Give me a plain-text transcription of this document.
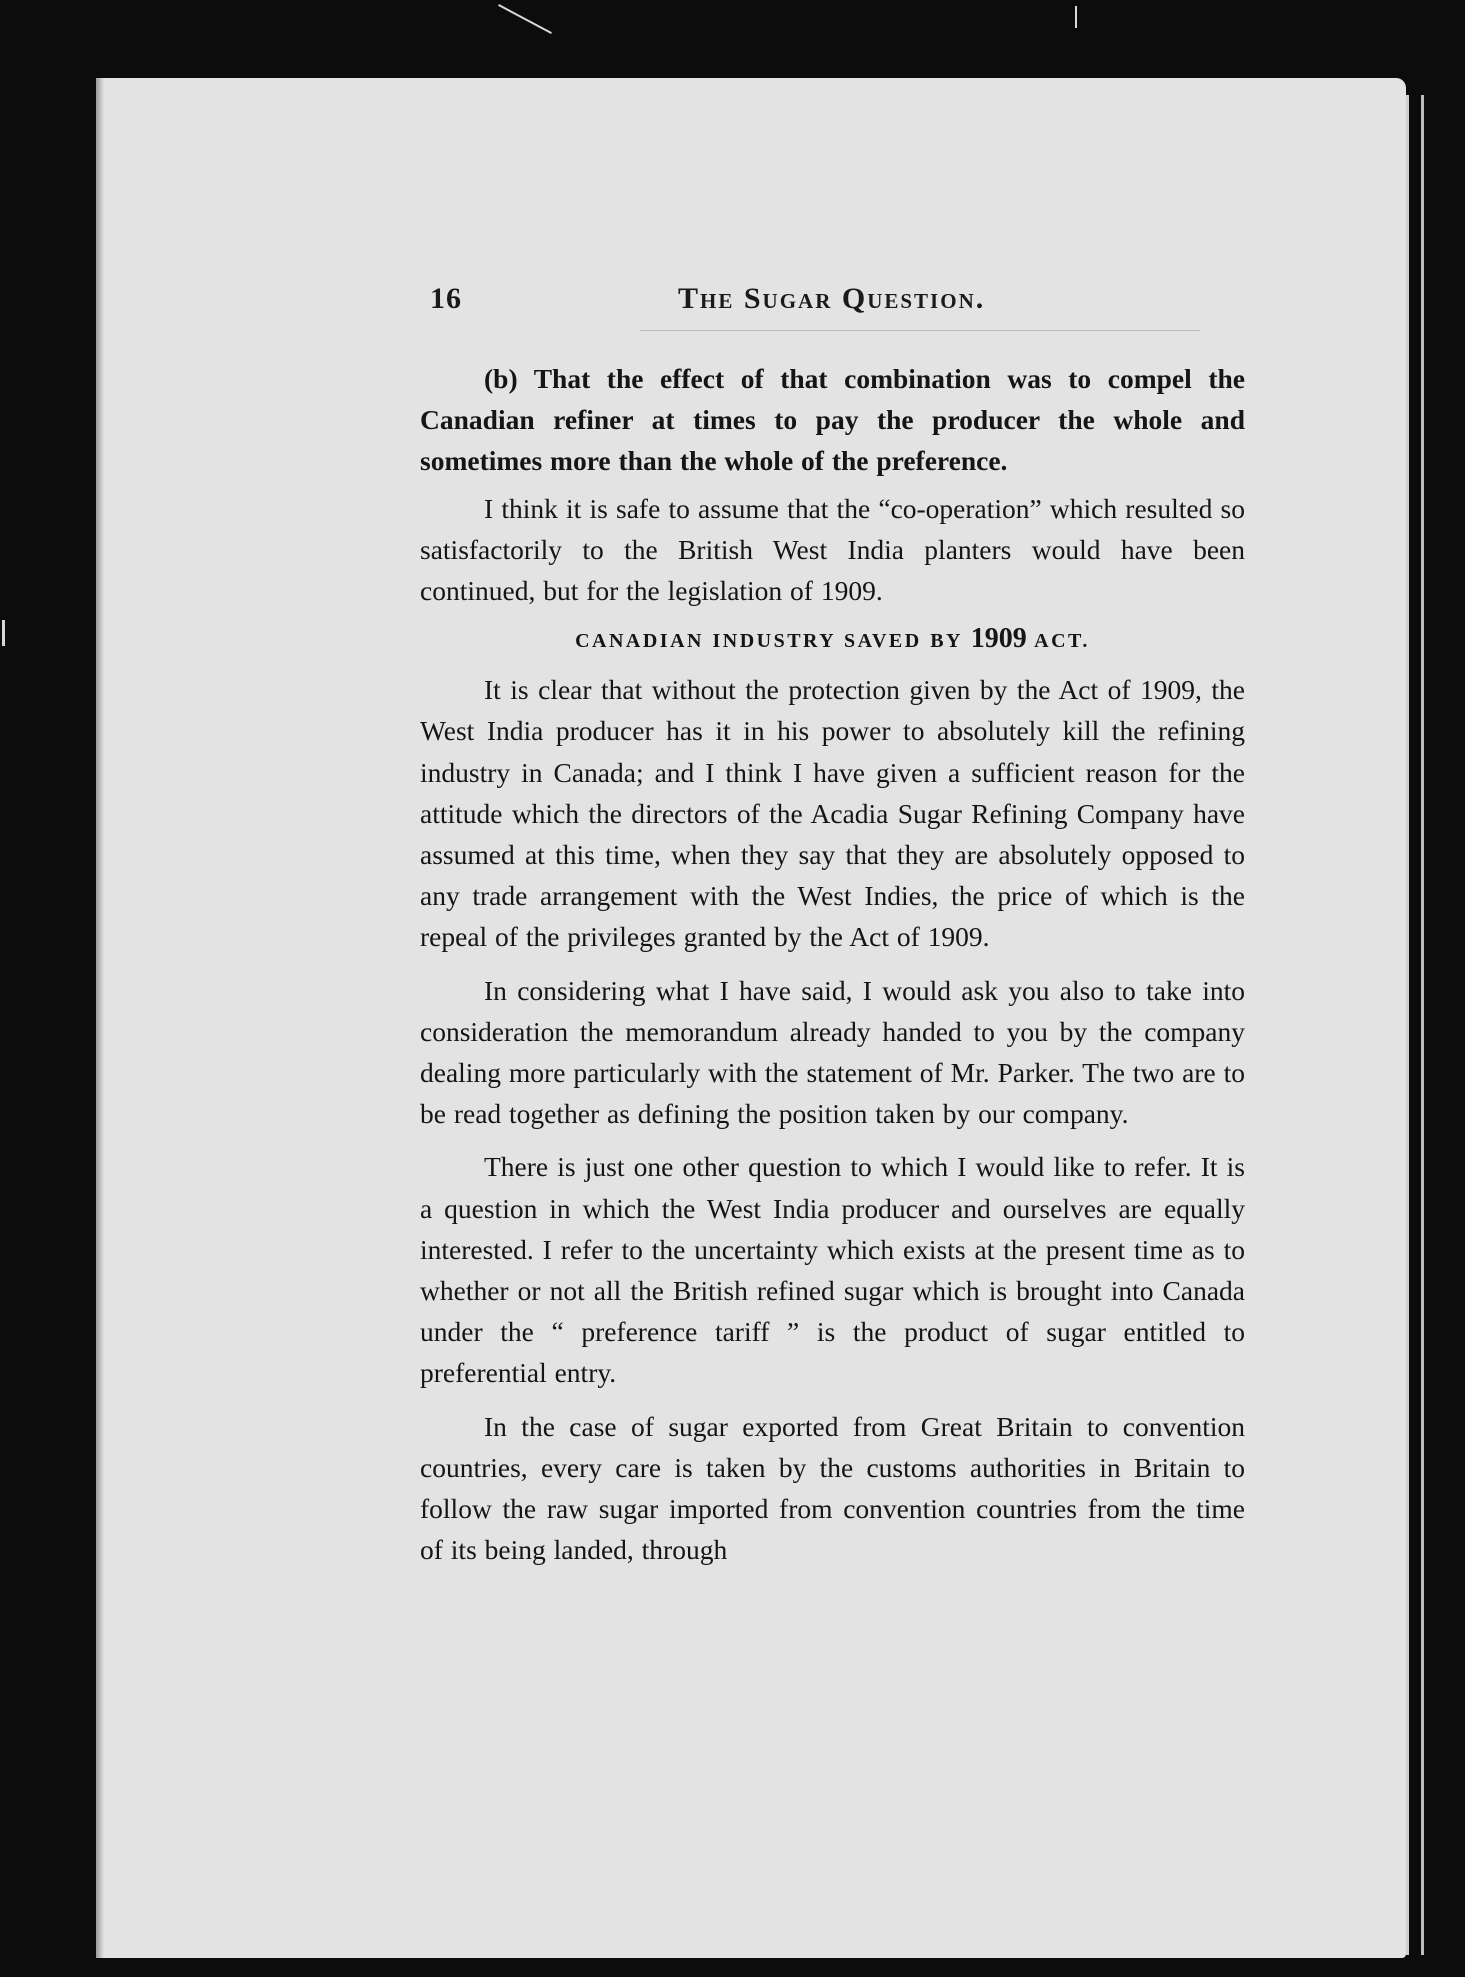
16	The Sugar Question.

(b) That the effect of that combination was to compel the Canadian refiner at times to pay the producer the whole and sometimes more than the whole of the preference.

I think it is safe to assume that the “co-operation” which resulted so satisfactorily to the British West India planters would have been continued, but for the legislation of 1909.

CANADIAN INDUSTRY SAVED BY 1909 ACT.

It is clear that without the protection given by the Act of 1909, the West India producer has it in his power to absolutely kill the refining industry in Canada; and I think I have given a sufficient reason for the attitude which the directors of the Acadia Sugar Refining Company have assumed at this time, when they say that they are absolutely opposed to any trade arrangement with the West Indies, the price of which is the repeal of the privileges granted by the Act of 1909.

In considering what I have said, I would ask you also to take into consideration the memorandum already handed to you by the company dealing more particularly with the statement of Mr. Parker. The two are to be read together as defining the position taken by our company.

There is just one other question to which I would like to refer. It is a question in which the West India producer and ourselves are equally interested. I refer to the uncertainty which exists at the present time as to whether or not all the British refined sugar which is brought into Canada under the “ preference tariff ” is the product of sugar entitled to preferential entry.

In the case of sugar exported from Great Britain to convention countries, every care is taken by the customs authorities in Britain to follow the raw sugar imported from convention countries from the time of its being landed, through
